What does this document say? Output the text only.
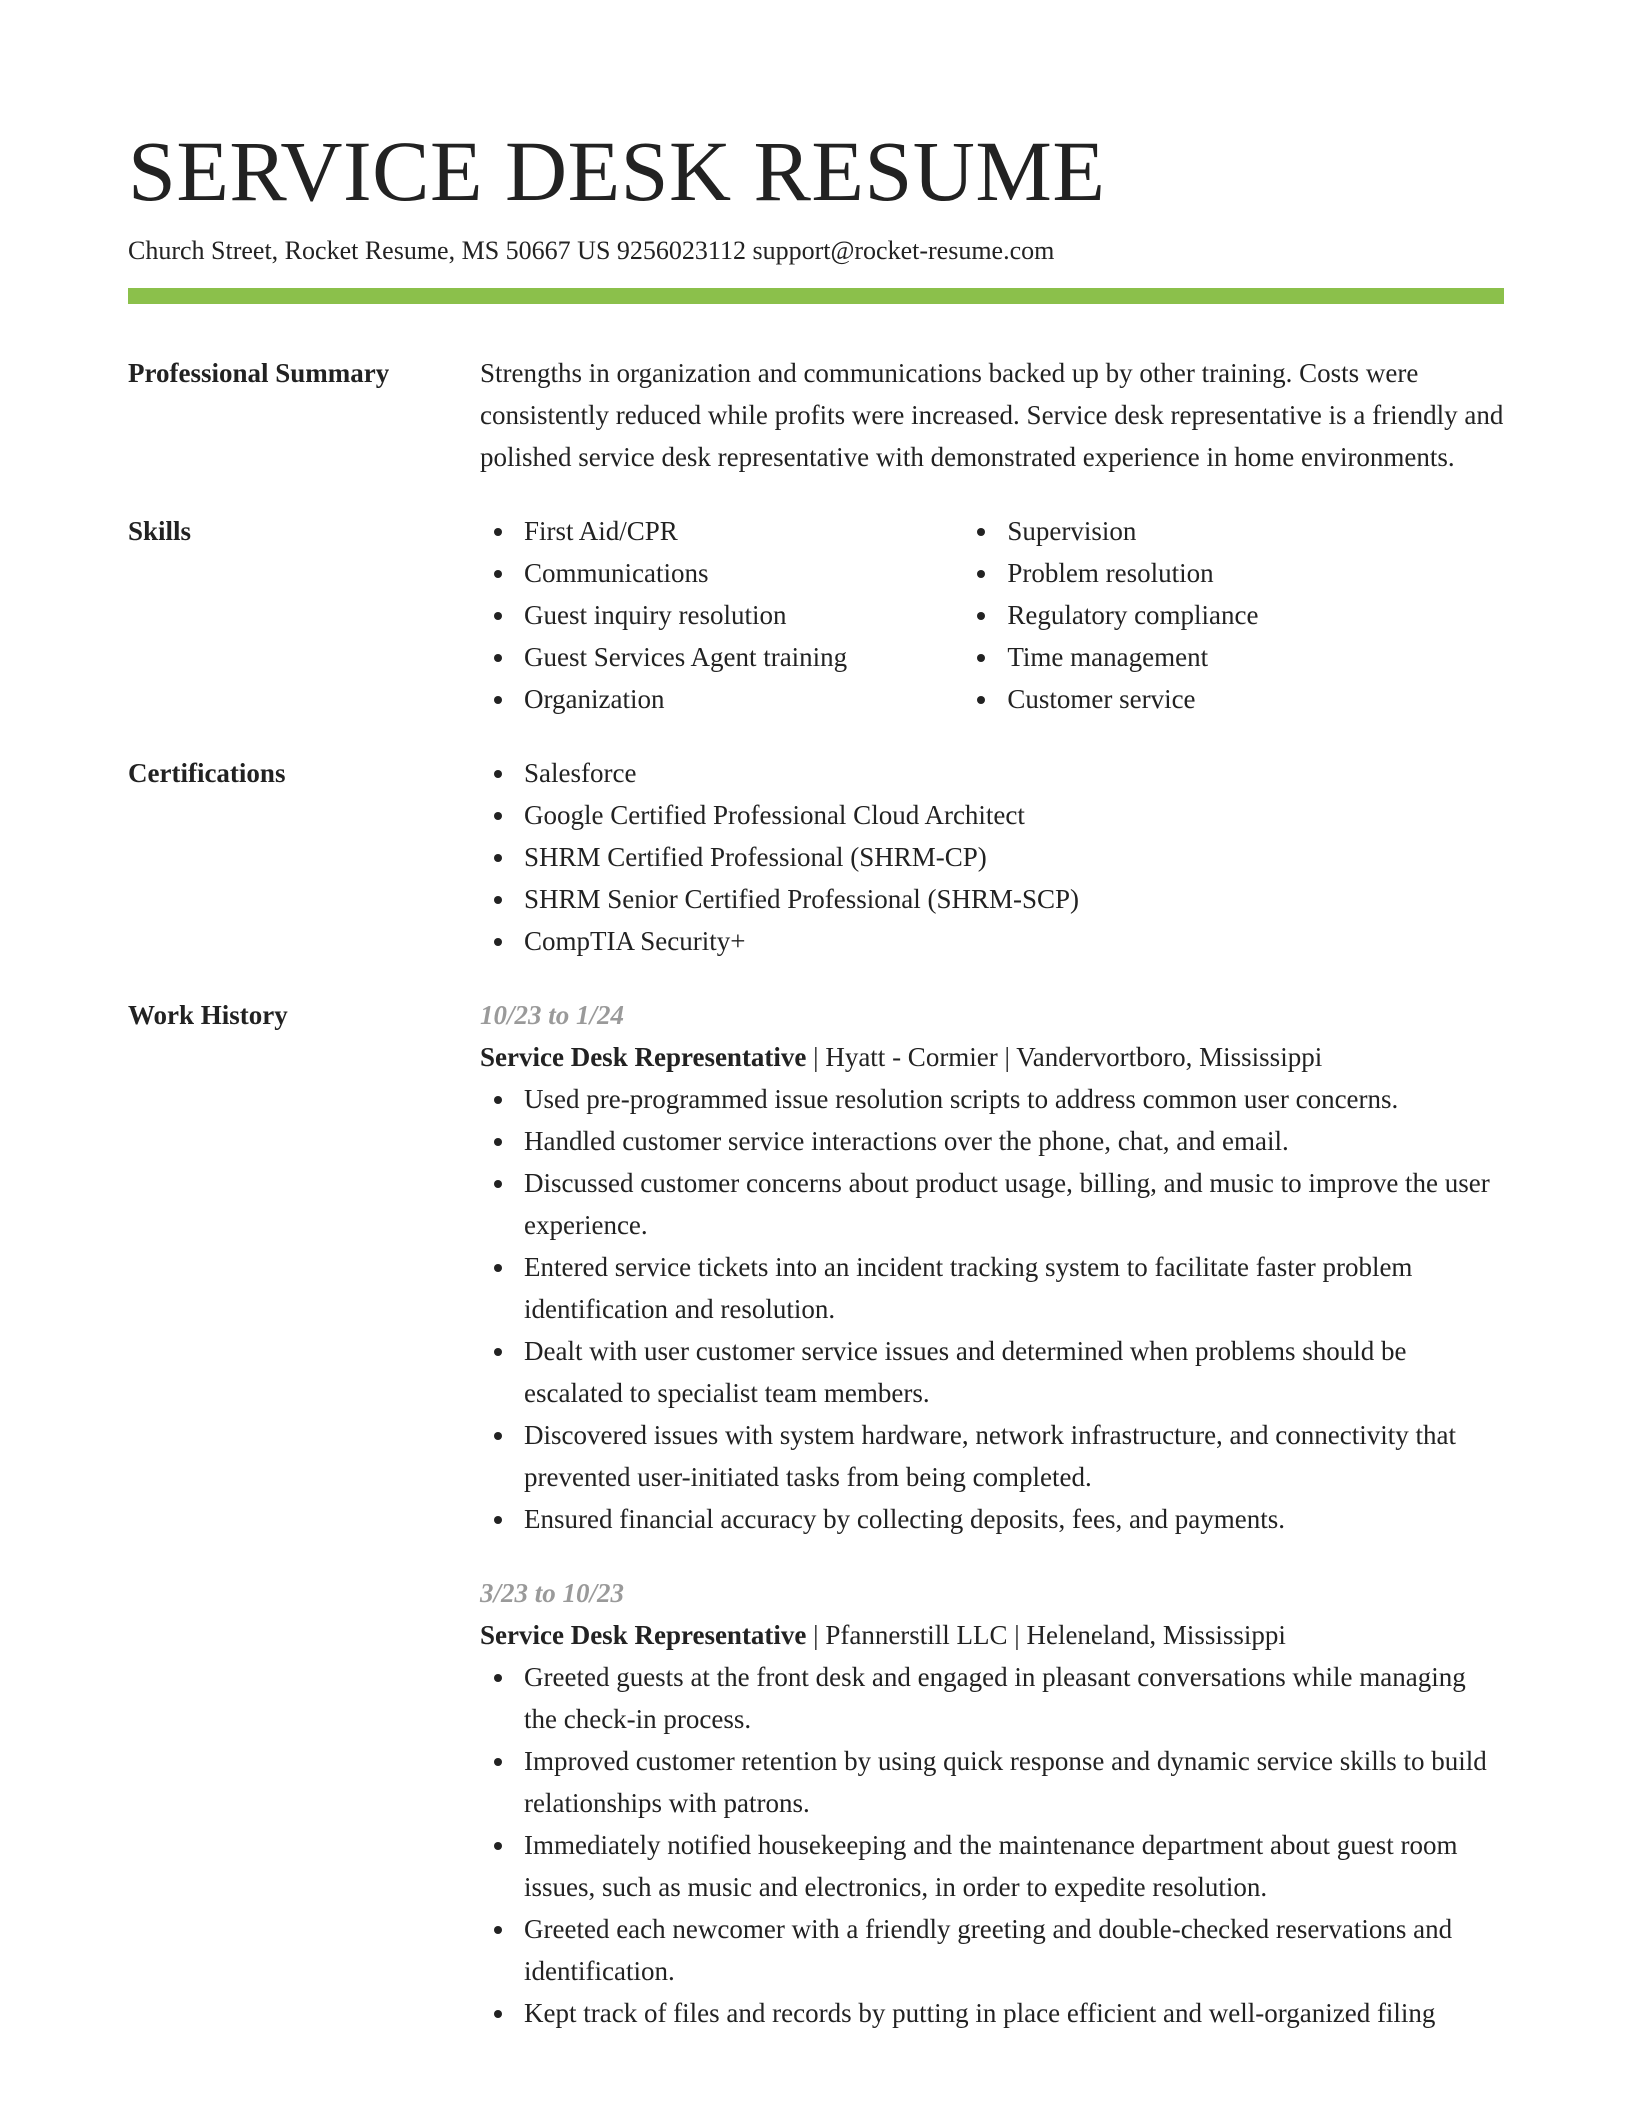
SERVICE DESK RESUME
Church Street, Rocket Resume, MS 50667 US 9256023112 support@rocket-resume.com
Professional Summary	Strengths in organization and communications backed up by other training. Costs were consistently reduced while profits were increased. Service desk representative is a friendly and polished service desk representative with demonstrated experience in home environments.

Skills	First Aid/CPR
Communications
Guest inquiry resolution
Guest Services Agent training
Organization
Supervision
Problem resolution
Regulatory compliance
Time management
Customer service
Certifications	Salesforce
Google Certified Professional Cloud Architect
SHRM Certified Professional (SHRM-CP)
SHRM Senior Certified Professional (SHRM-SCP)
CompTIA Security+
Work History	10/23 to 1/24
Service Desk Representative | Hyatt - Cormier | Vandervortboro, Mississippi
Used pre-programmed issue resolution scripts to address common user concerns.
Handled customer service interactions over the phone, chat, and email.
Discussed customer concerns about product usage, billing, and music to improve the user experience.
Entered service tickets into an incident tracking system to facilitate faster problem identification and resolution.
Dealt with user customer service issues and determined when problems should be escalated to specialist team members.
Discovered issues with system hardware, network infrastructure, and connectivity that prevented user-initiated tasks from being completed.
Ensured financial accuracy by collecting deposits, fees, and payments.
3/23 to 10/23
Service Desk Representative | Pfannerstill LLC | Heleneland, Mississippi
Greeted guests at the front desk and engaged in pleasant conversations while managing the check-in process.
Improved customer retention by using quick response and dynamic service skills to build relationships with patrons.
Immediately notified housekeeping and the maintenance department about guest room issues, such as music and electronics, in order to expedite resolution.
Greeted each newcomer with a friendly greeting and double-checked reservations and identification.
Kept track of files and records by putting in place efficient and well-organized filing
